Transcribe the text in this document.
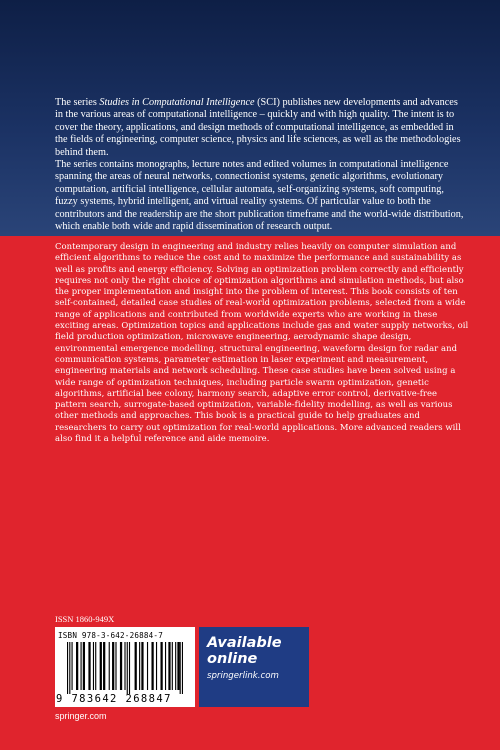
The series Studies in Computational Intelligence (SCI) publishes new developments and advances in the various areas of computational intelligence – quickly and with high quality. The intent is to cover the theory, applications, and design methods of computational intelligence, as embedded in the fields of engineering, computer science, physics and life sciences, as well as the methodologies behind them.

The series contains monographs, lecture notes and edited volumes in computational intelligence spanning the areas of neural networks, connectionist systems, genetic algorithms, evolutionary computation, artificial intelligence, cellular automata, self-organizing systems, soft computing, fuzzy systems, hybrid intelligent, and virtual reality systems. Of particular value to both the contributors and the readership are the short publication timeframe and the world-wide distribution, which enable both wide and rapid dissemination of research output.

Contemporary design in engineering and industry relies heavily on computer simulation and efficient algorithms to reduce the cost and to maximize the performance and sustainability as well as profits and energy efficiency. Solving an optimization problem correctly and efficiently requires not only the right choice of optimization algorithms and simulation methods, but also the proper implementation and insight into the problem of interest. This book consists of ten self-contained, detailed case studies of real-world optimization problems, selected from a wide range of applications and contributed from worldwide experts who are working in these exciting areas. Optimization topics and applications include gas and water supply networks, oil field production optimization, microwave engineering, aerodynamic shape design, environmental emergence modelling, structural engineering, waveform design for radar and communication systems, parameter estimation in laser experiment and measurement, engineering materials and network scheduling. These case studies have been solved using a wide range of optimization techniques, including particle swarm optimization, genetic algorithms, artificial bee colony, harmony search, adaptive error control, derivative-free pattern search, surrogate-based optimization, variable-fidelity modelling, as well as various other methods and approaches. This book is a practical guide to help graduates and researchers to carry out optimization for real-world applications. More advanced readers will also find it a helpful reference and aide memoire.

ISSN 1860-949X
ISBN 978-3-642-26884-7
9 783642 268847
Available
online
springerlink.com
springer.com
